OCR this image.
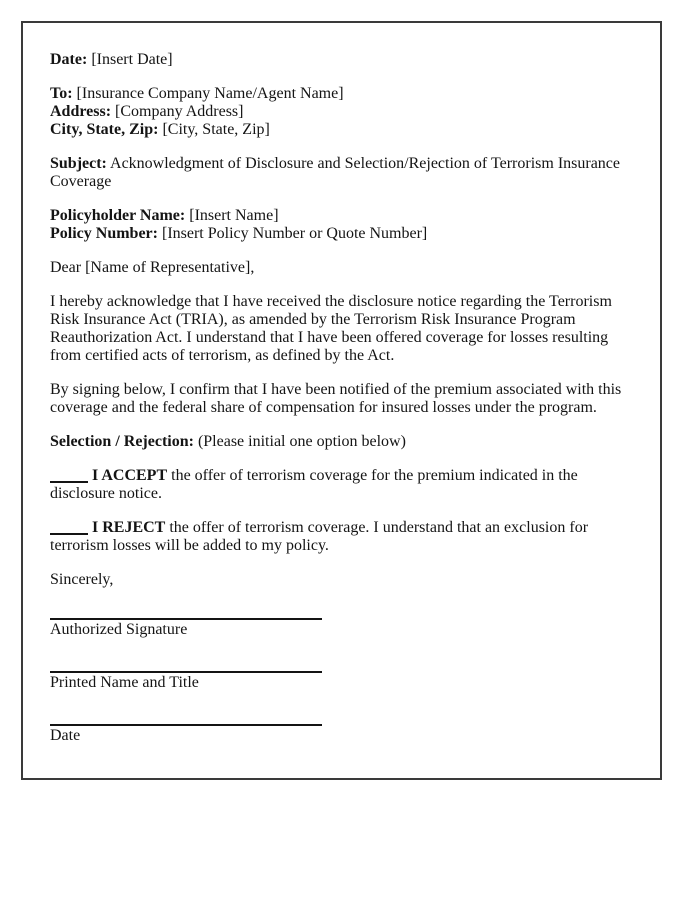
Date: [Insert Date]

To: [Insurance Company Name/Agent Name]
Address: [Company Address]
City, State, Zip: [City, State, Zip]

Subject: Acknowledgment of Disclosure and Selection/Rejection of Terrorism Insurance Coverage

Policyholder Name: [Insert Name]
Policy Number: [Insert Policy Number or Quote Number]

Dear [Name of Representative],

I hereby acknowledge that I have received the disclosure notice regarding the Terrorism Risk Insurance Act (TRIA), as amended by the Terrorism Risk Insurance Program Reauthorization Act. I understand that I have been offered coverage for losses resulting from certified acts of terrorism, as defined by the Act.

By signing below, I confirm that I have been notified of the premium associated with this coverage and the federal share of compensation for insured losses under the program.

Selection / Rejection: (Please initial one option below)

I ACCEPT the offer of terrorism coverage for the premium indicated in the disclosure notice.

I REJECT the offer of terrorism coverage. I understand that an exclusion for terrorism losses will be added to my policy.

Sincerely,

Authorized Signature
Printed Name and Title
Date
